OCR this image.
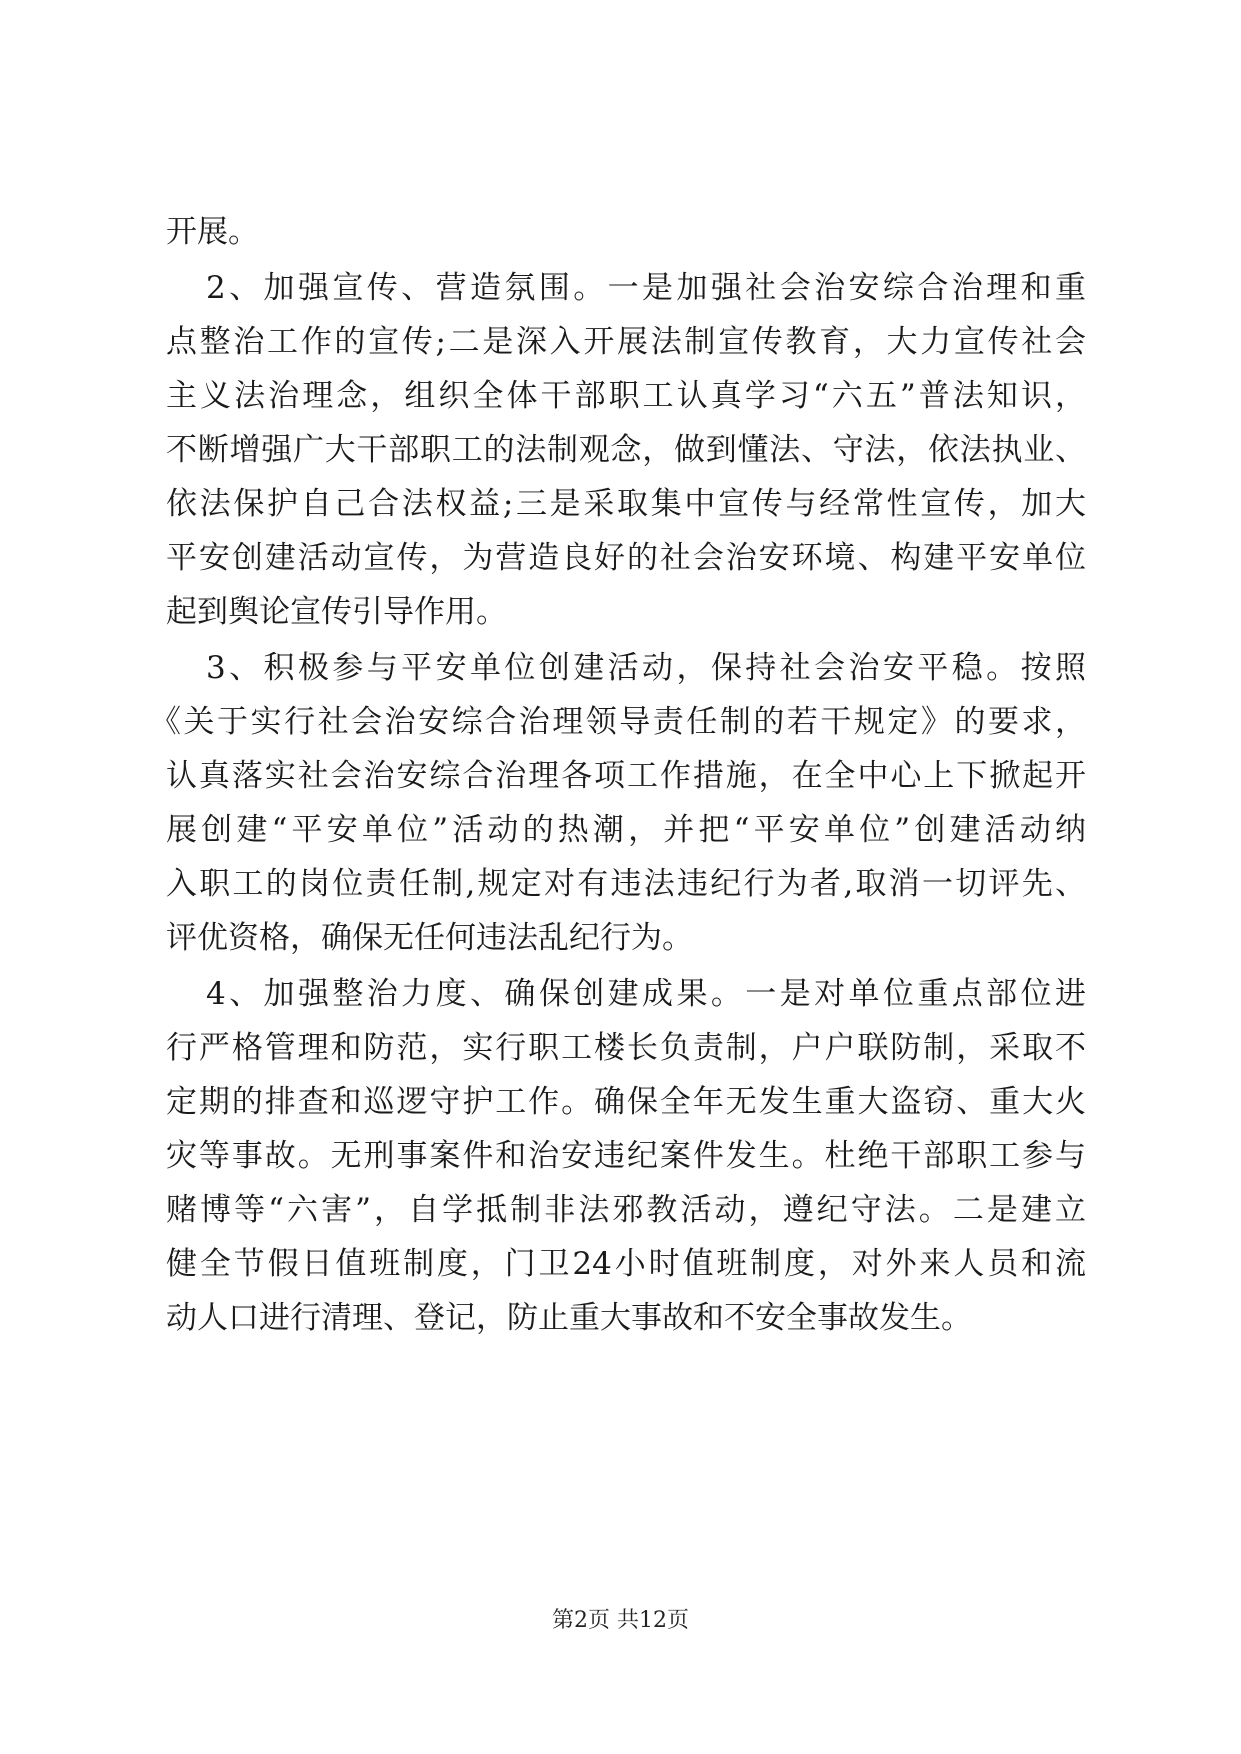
开展。
2、加强宣传、营造氛围。一是加强社会治安综合治理和重
点整治工作的宣传;二是深入开展法制宣传教育，大力宣传社会
主义法治理念，组织全体干部职工认真学习“六五”普法知识，
不断增强广大干部职工的法制观念，做到懂法、守法，依法执业、
依法保护自己合法权益;三是采取集中宣传与经常性宣传，加大
平安创建活动宣传，为营造良好的社会治安环境、构建平安单位
起到舆论宣传引导作用。
3、积极参与平安单位创建活动，保持社会治安平稳。按照
《关于实行社会治安综合治理领导责任制的若干规定》的要求，
认真落实社会治安综合治理各项工作措施，在全中心上下掀起开
展创建“平安单位”活动的热潮，并把“平安单位”创建活动纳
入职工的岗位责任制,规定对有违法违纪行为者,取消一切评先、
评优资格，确保无任何违法乱纪行为。
4、加强整治力度、确保创建成果。一是对单位重点部位进
行严格管理和防范，实行职工楼长负责制，户户联防制，采取不
定期的排查和巡逻守护工作。确保全年无发生重大盗窃、重大火
灾等事故。无刑事案件和治安违纪案件发生。杜绝干部职工参与
赌博等“六害”，自学抵制非法邪教活动，遵纪守法。二是建立
健全节假日值班制度，门卫24小时值班制度，对外来人员和流
动人口进行清理、登记，防止重大事故和不安全事故发生。
第2页 共12页
